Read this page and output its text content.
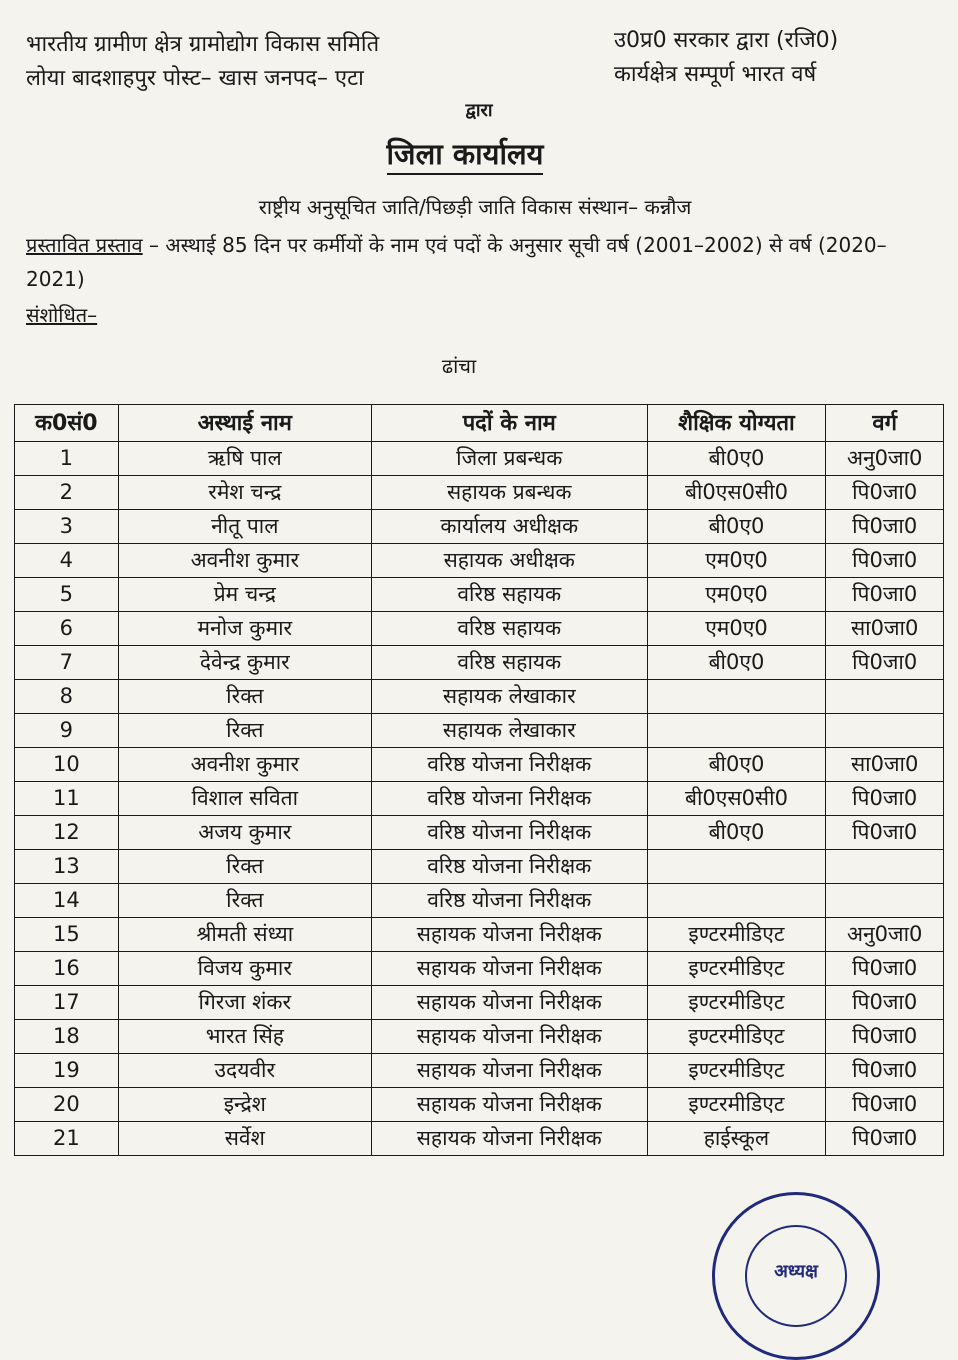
भारतीय ग्रामीण क्षेत्र ग्रामोद्योग विकास समिति
लोया बादशाहपुर पोस्ट– खास जनपद– एटा
उ0प्र0 सरकार द्वारा (रजि0)
कार्यक्षेत्र सम्पूर्ण भारत वर्ष
द्वारा
जिला कार्यालय
राष्ट्रीय अनुसूचित जाति/पिछड़ी जाति विकास संस्थान– कन्नौज
प्रस्तावित प्रस्ताव – अस्थाई 85 दिन पर कर्मीयों के नाम एवं पदों के अनुसार सूची वर्ष (2001–2002) से वर्ष (2020–2021)
संशोधित–
ढांचा
क0सं0	अस्थाई नाम	पदों के नाम	शैक्षिक योग्यता	वर्ग
1	ऋषि पाल	जिला प्रबन्धक	बी0ए0	अनु0जा0
2	रमेश चन्द्र	सहायक प्रबन्धक	बी0एस0सी0	पि0जा0
3	नीतू पाल	कार्यालय अधीक्षक	बी0ए0	पि0जा0
4	अवनीश कुमार	सहायक अधीक्षक	एम0ए0	पि0जा0
5	प्रेम चन्द्र	वरिष्ठ सहायक	एम0ए0	पि0जा0
6	मनोज कुमार	वरिष्ठ सहायक	एम0ए0	सा0जा0
7	देवेन्द्र कुमार	वरिष्ठ सहायक	बी0ए0	पि0जा0
8	रिक्त	सहायक लेखाकार		
9	रिक्त	सहायक लेखाकार		
10	अवनीश कुमार	वरिष्ठ योजना निरीक्षक	बी0ए0	सा0जा0
11	विशाल सविता	वरिष्ठ योजना निरीक्षक	बी0एस0सी0	पि0जा0
12	अजय कुमार	वरिष्ठ योजना निरीक्षक	बी0ए0	पि0जा0
13	रिक्त	वरिष्ठ योजना निरीक्षक		
14	रिक्त	वरिष्ठ योजना निरीक्षक		
15	श्रीमती संध्या	सहायक योजना निरीक्षक	इण्टरमीडिएट	अनु0जा0
16	विजय कुमार	सहायक योजना निरीक्षक	इण्टरमीडिएट	पि0जा0
17	गिरजा शंकर	सहायक योजना निरीक्षक	इण्टरमीडिएट	पि0जा0
18	भारत सिंह	सहायक योजना निरीक्षक	इण्टरमीडिएट	पि0जा0
19	उदयवीर	सहायक योजना निरीक्षक	इण्टरमीडिएट	पि0जा0
20	इन्द्रेश	सहायक योजना निरीक्षक	इण्टरमीडिएट	पि0जा0
21	सर्वेश	सहायक योजना निरीक्षक	हाईस्कूल	पि0जा0
अध्यक्ष
